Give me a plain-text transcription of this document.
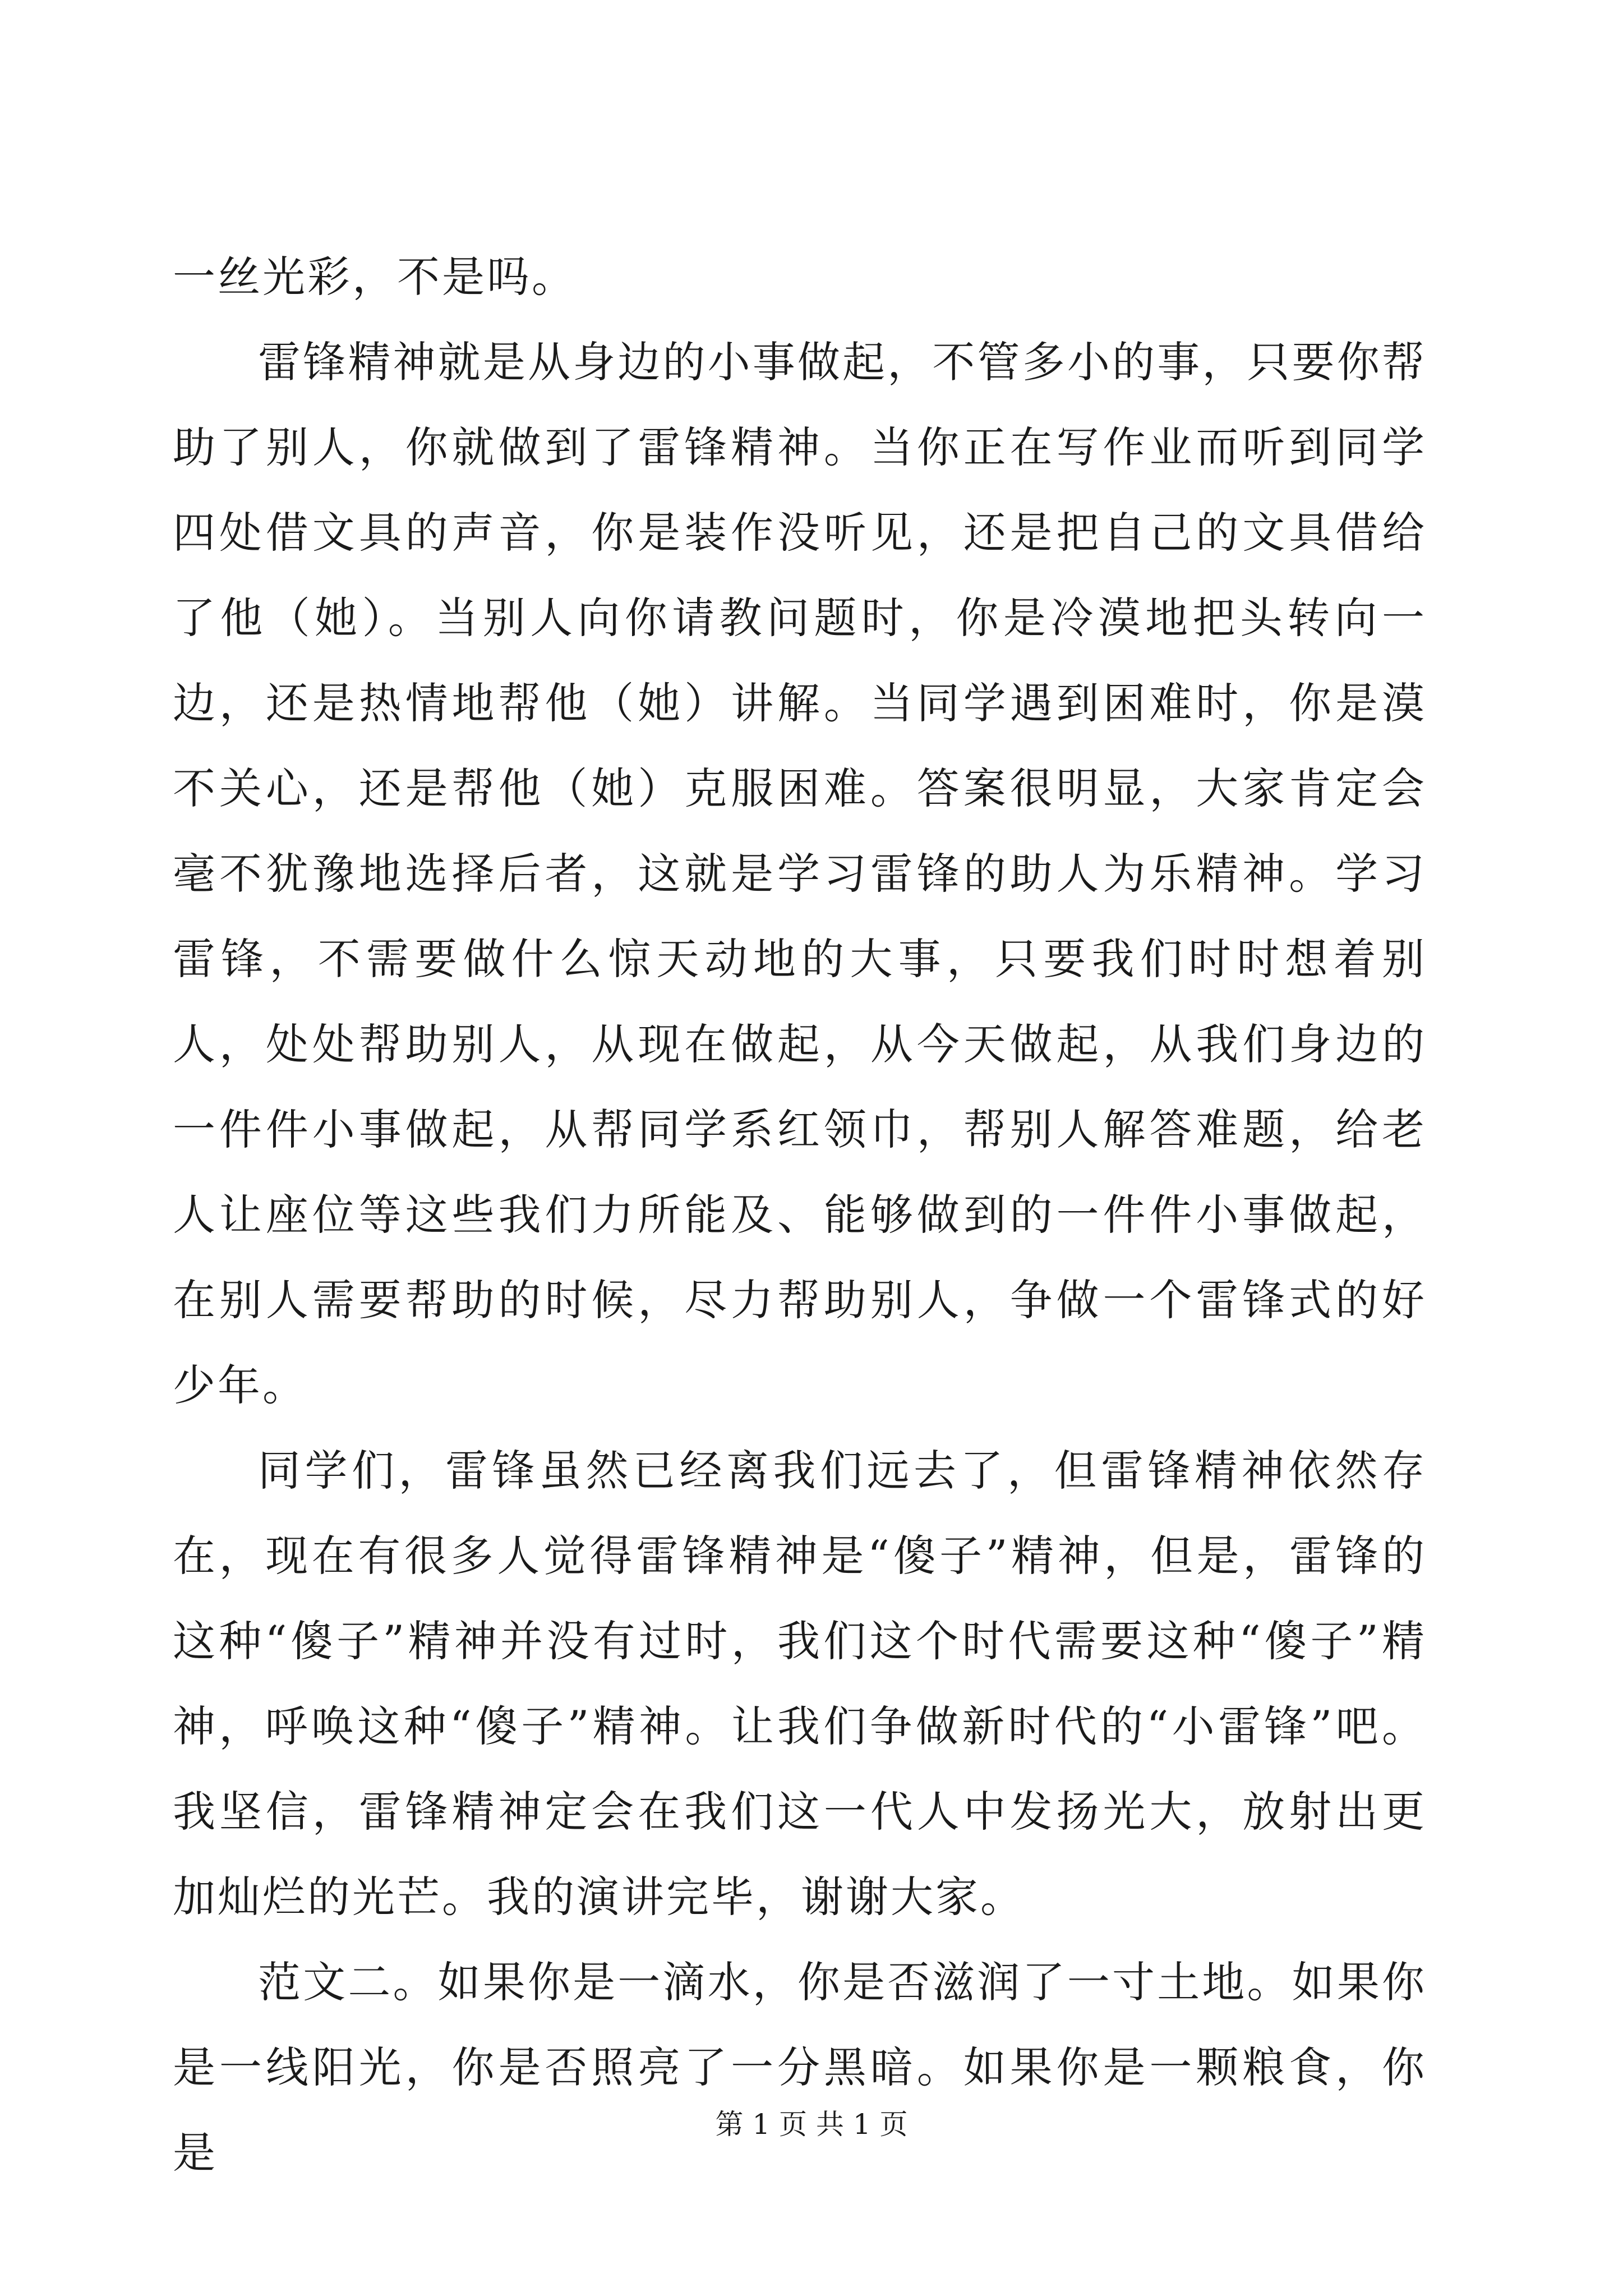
一丝光彩，不是吗。

雷锋精神就是从身边的小事做起，不管多小的事，只要你帮助了别人，你就做到了雷锋精神。当你正在写作业而听到同学四处借文具的声音，你是装作没听见，还是把自己的文具借给了他（她）。当别人向你请教问题时，你是冷漠地把头转向一边，还是热情地帮他（她）讲解。当同学遇到困难时，你是漠不关心，还是帮他（她）克服困难。答案很明显，大家肯定会毫不犹豫地选择后者，这就是学习雷锋的助人为乐精神。学习雷锋，不需要做什么惊天动地的大事，只要我们时时想着别人，处处帮助别人，从现在做起，从今天做起，从我们身边的一件件小事做起，从帮同学系红领巾，帮别人解答难题，给老人让座位等这些我们力所能及、能够做到的一件件小事做起，在别人需要帮助的时候，尽力帮助别人，争做一个雷锋式的好少年。

同学们，雷锋虽然已经离我们远去了，但雷锋精神依然存在，现在有很多人觉得雷锋精神是“傻子”精神，但是，雷锋的这种“傻子”精神并没有过时，我们这个时代需要这种“傻子”精神，呼唤这种“傻子”精神。让我们争做新时代的“小雷锋”吧。我坚信，雷锋精神定会在我们这一代人中发扬光大，放射出更加灿烂的光芒。我的演讲完毕，谢谢大家。

范文二。如果你是一滴水，你是否滋润了一寸土地。如果你是一线阳光，你是否照亮了一分黑暗。如果你是一颗粮食，你是

第 1 页 共 1 页
